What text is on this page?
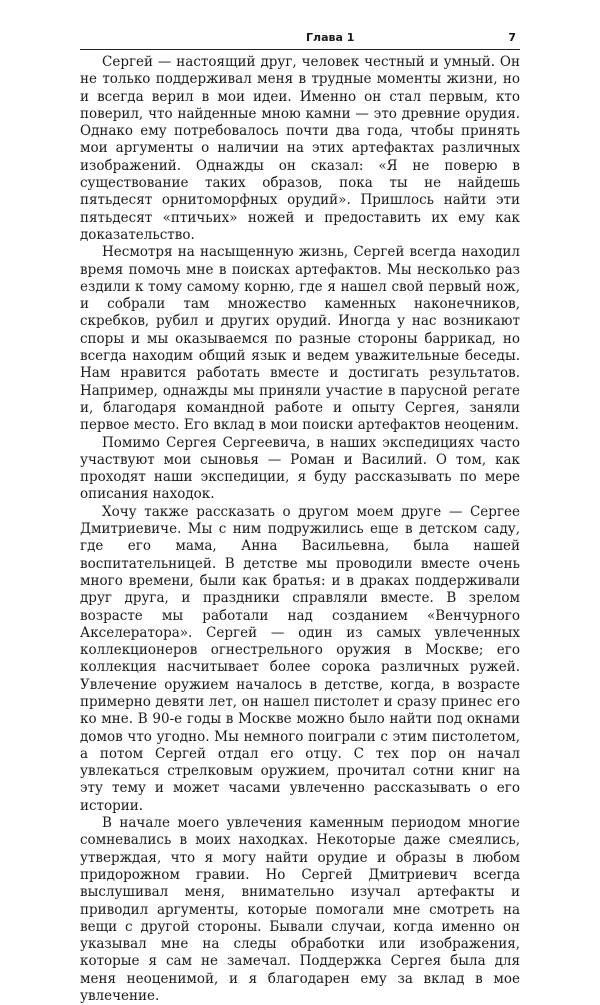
Глава 1	7

Сергей — настоящий друг, человек честный и умный. Он не только поддерживал меня в трудные моменты жизни, но и всегда верил в мои идеи. Именно он стал первым, кто поверил, что найденные мною камни — это древние орудия. Однако ему потребовалось почти два года, чтобы принять мои аргументы о наличии на этих артефактах различных изображений. Однажды он сказал: «Я не поверю в существование таких образов, пока ты не найдешь пятьдесят орнитоморфных орудий». Пришлось найти эти пятьдесят «птичьих» ножей и предоставить их ему как доказательство.

Несмотря на насыщенную жизнь, Сергей всегда находил время помочь мне в поисках артефактов. Мы несколько раз ездили к тому самому корню, где я нашел свой первый нож, и собрали там множество каменных наконечников, скребков, рубил и других орудий. Иногда у нас возникают споры и мы оказываемся по разные стороны баррикад, но всегда находим общий язык и ведем уважительные беседы. Нам нравится работать вместе и достигать результатов. Например, однажды мы приняли участие в парусной регате и, благодаря командной работе и опыту Сергея, заняли первое место. Его вклад в мои поиски артефактов неоценим.

Помимо Сергея Сергеевича, в наших экспедициях часто участвуют мои сыновья — Роман и Василий. О том, как проходят наши экспедиции, я буду рассказывать по мере описания находок.

Хочу также рассказать о другом моем друге — Сергее Дмитриевиче. Мы с ним подружились еще в детском саду, где его мама, Анна Васильевна, была нашей воспитательницей. В детстве мы проводили вместе очень много времени, были как братья: и в драках поддерживали друг друга, и праздники справляли вместе. В зрелом возрасте мы работали над созданием «Венчурного Акселератора». Сергей — один из самых увлеченных коллекционеров огнестрельного оружия в Москве; его коллекция насчитывает более сорока различных ружей. Увлечение оружием началось в детстве, когда, в возрасте примерно девяти лет, он нашел пистолет и сразу принес его ко мне. В 90-е годы в Москве можно было найти под окнами домов что угодно. Мы немного поиграли с этим пистолетом, а потом Сергей отдал его отцу. С тех пор он начал увлекаться стрелковым оружием, прочитал сотни книг на эту тему и может часами увлеченно рассказывать о его истории.

В начале моего увлечения каменным периодом многие сомневались в моих находках. Некоторые даже смеялись, утверждая, что я могу найти орудие и образы в любом придорожном гравии. Но Сергей Дмитриевич всегда выслушивал меня, внимательно изучал артефакты и приводил аргументы, которые помогали мне смотреть на вещи с другой стороны. Бывали случаи, когда именно он указывал мне на следы обработки или изображения, которые я сам не замечал. Поддержка Сергея была для меня неоценимой, и я благодарен ему за вклад в мое увлечение.
